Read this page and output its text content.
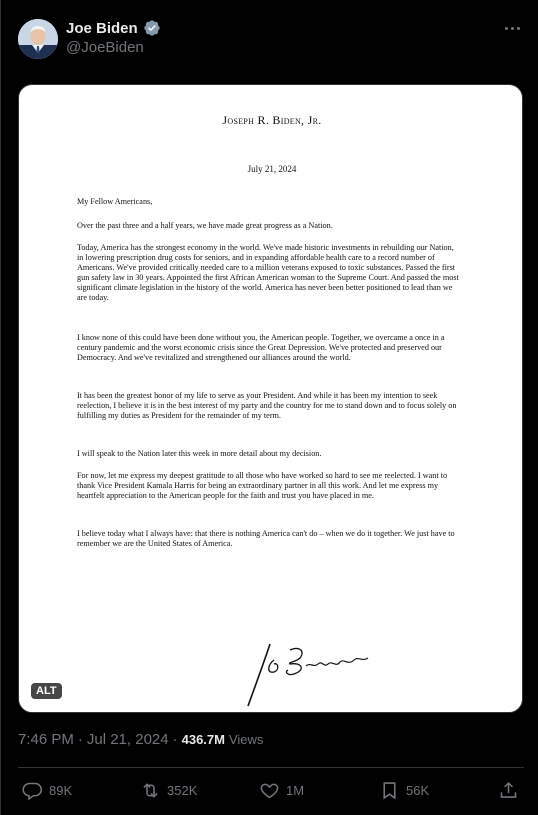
Joe Biden
@JoeBiden
Joseph R. Biden, Jr.
July 21, 2024

My Fellow Americans,

Over the past three and a half years, we have made great progress as a Nation.

Today, America has the strongest economy in the world. We've made historic investments in rebuilding our Nation, in lowering prescription drug costs for seniors, and in expanding affordable health care to a record number of Americans. We've provided critically needed care to a million veterans exposed to toxic substances. Passed the first gun safety law in 30 years. Appointed the first African American woman to the Supreme Court. And passed the most significant climate legislation in the history of the world. America has never been better positioned to lead than we are today.

I know none of this could have been done without you, the American people. Together, we overcame a once in a century pandemic and the worst economic crisis since the Great Depression. We've protected and preserved our Democracy. And we've revitalized and strengthened our alliances around the world.

It has been the greatest honor of my life to serve as your President. And while it has been my intention to seek reelection, I believe it is in the best interest of my party and the country for me to stand down and to focus solely on fulfilling my duties as President for the remainder of my term.

I will speak to the Nation later this week in more detail about my decision.

For now, let me express my deepest gratitude to all those who have worked so hard to see me reelected. I want to thank Vice President Kamala Harris for being an extraordinary partner in all this work. And let me express my heartfelt appreciation to the American people for the faith and trust you have placed in me.

I believe today what I always have: that there is nothing America can't do – when we do it together. We just have to remember we are the United States of America.

ALT
7:46 PM · Jul 21, 2024 · 436.7M Views
89K	352K	1M	56K
